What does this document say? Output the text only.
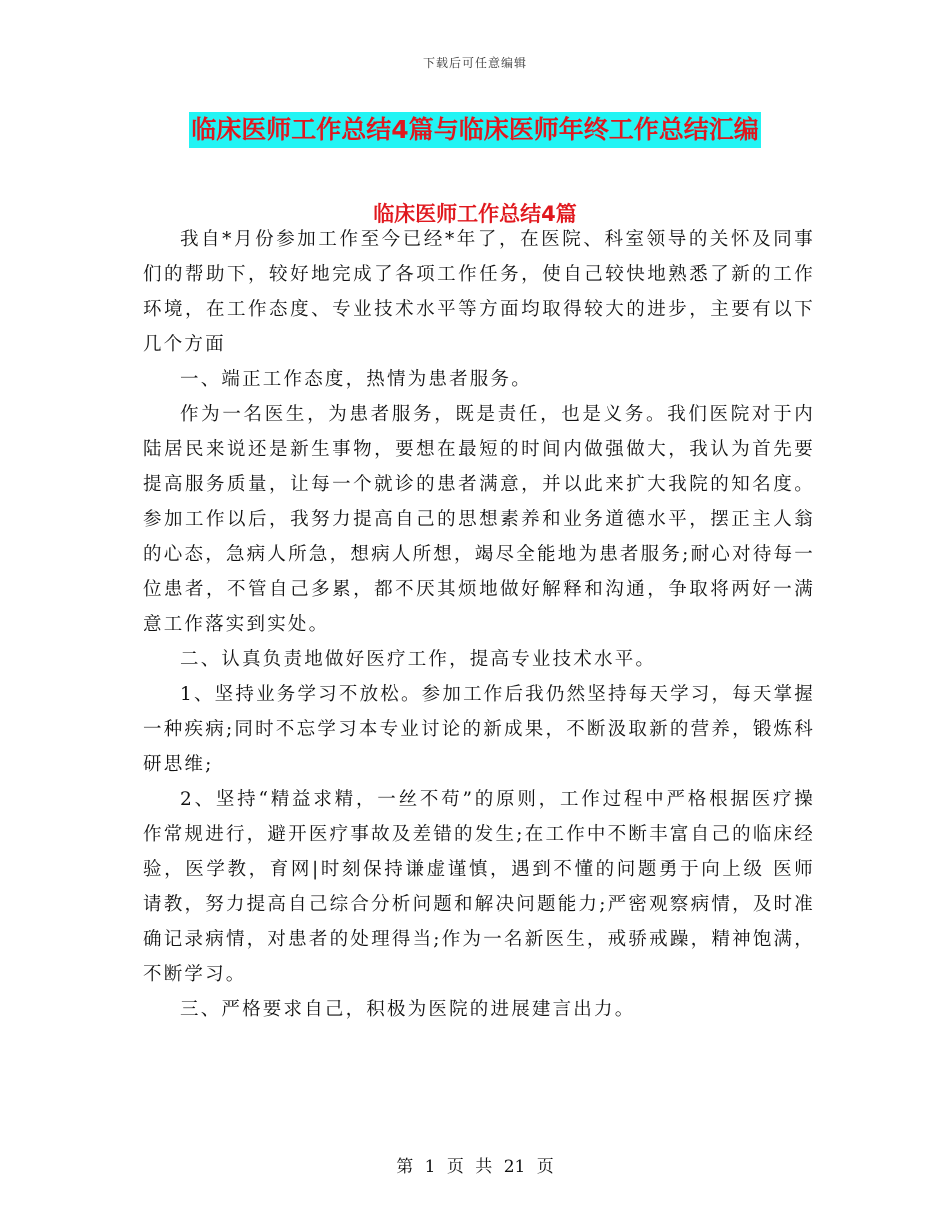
下载后可任意编辑
临床医师工作总结4篇与临床医师年终工作总结汇编
临床医师工作总结4篇

我自*月份参加工作至今已经*年了，在医院、科室领导的关怀及同事们的帮助下，较好地完成了各项工作任务，使自己较快地熟悉了新的工作环境，在工作态度、专业技术水平等方面均取得较大的进步，主要有以下几个方面

一、端正工作态度，热情为患者服务。

作为一名医生，为患者服务，既是责任，也是义务。我们医院对于内陆居民来说还是新生事物，要想在最短的时间内做强做大，我认为首先要提高服务质量，让每一个就诊的患者满意，并以此来扩大我院的知名度。参加工作以后，我努力提高自己的思想素养和业务道德水平，摆正主人翁的心态，急病人所急，想病人所想，竭尽全能地为患者服务;耐心对待每一位患者，不管自己多累，都不厌其烦地做好解释和沟通，争取将两好一满意工作落实到实处。

二、认真负责地做好医疗工作，提高专业技术水平。

1、坚持业务学习不放松。参加工作后我仍然坚持每天学习，每天掌握一种疾病;同时不忘学习本专业讨论的新成果，不断汲取新的营养，锻炼科研思维;

2、坚持“精益求精，一丝不苟”的原则，工作过程中严格根据医疗操作常规进行，避开医疗事故及差错的发生;在工作中不断丰富自己的临床经验，医学教，育网|时刻保持谦虚谨慎，遇到不懂的问题勇于向上级 医师请教，努力提高自己综合分析问题和解决问题能力;严密观察病情，及时准确记录病情，对患者的处理得当;作为一名新医生，戒骄戒躁，精神饱满，不断学习。

三、严格要求自己，积极为医院的进展建言出力。

第 1 页 共 21 页
